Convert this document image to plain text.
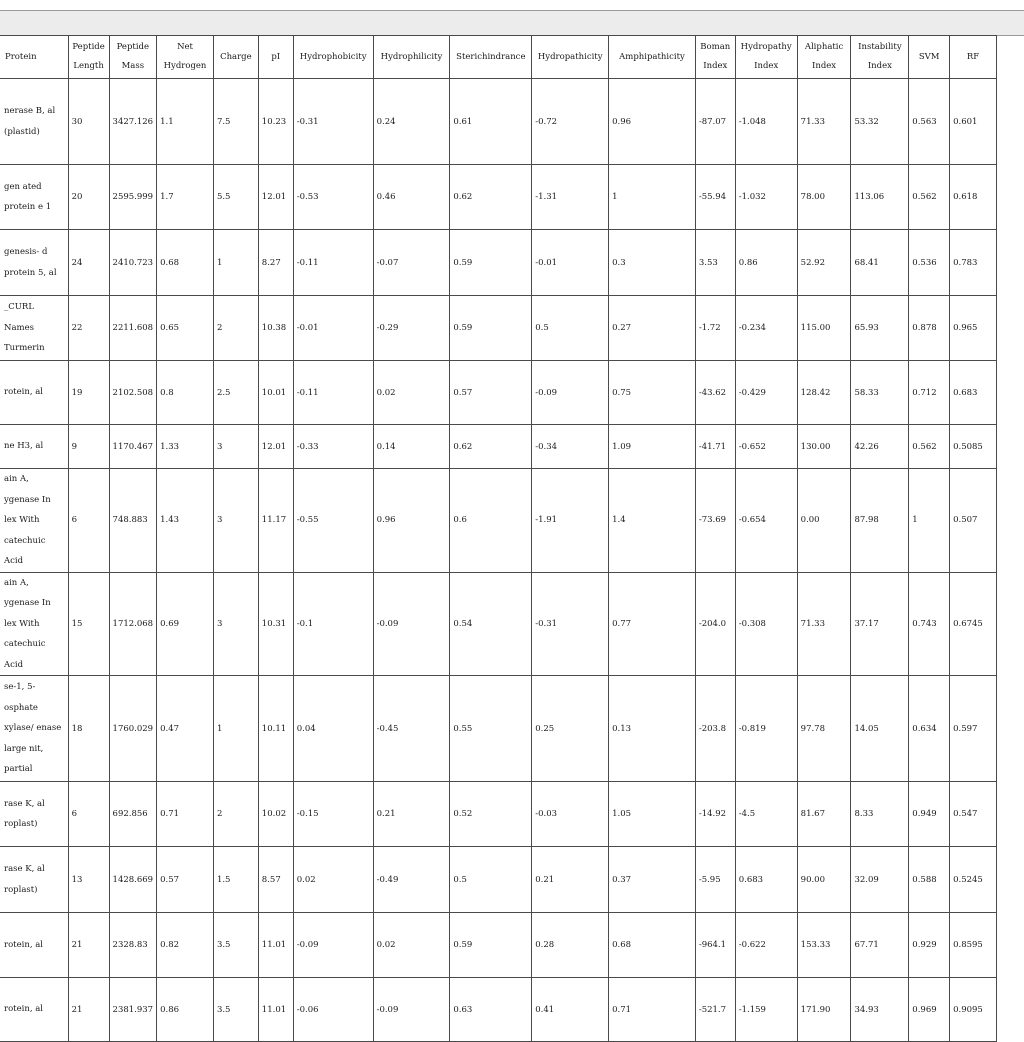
Protein	Peptide Length	Peptide Mass	Net Hydrogen	Charge	pI	Hydrophobicity	Hydrophilicity	Sterichindrance	Hydropathicity	Amphipathicity	Boman Index	Hydropathy Index	Aliphatic Index	Instability Index	SVM	RF
nerase B, al (plastid)	30	3427.126	1.1	7.5	10.23	-0.31	0.24	0.61	-0.72	0.96	-87.07	-1.048	71.33	53.32	0.563	0.601
gen ated protein e 1	20	2595.999	1.7	5.5	12.01	-0.53	0.46	0.62	-1.31	1	-55.94	-1.032	78.00	113.06	0.562	0.618
genesis- d protein 5, al	24	2410.723	0.68	1	8.27	-0.11	-0.07	0.59	-0.01	0.3	3.53	0.86	52.92	68.41	0.536	0.783
_CURL Names Turmerin	22	2211.608	0.65	2	10.38	-0.01	-0.29	0.59	0.5	0.27	-1.72	-0.234	115.00	65.93	0.878	0.965
rotein, al	19	2102.508	0.8	2.5	10.01	-0.11	0.02	0.57	-0.09	0.75	-43.62	-0.429	128.42	58.33	0.712	0.683
ne H3, al	9	1170.467	1.33	3	12.01	-0.33	0.14	0.62	-0.34	1.09	-41.71	-0.652	130.00	42.26	0.562	0.5085
ain A, ygenase In lex With catechuic Acid	6	748.883	1.43	3	11.17	-0.55	0.96	0.6	-1.91	1.4	-73.69	-0.654	0.00	87.98	1	0.507
ain A, ygenase In lex With catechuic Acid	15	1712.068	0.69	3	10.31	-0.1	-0.09	0.54	-0.31	0.77	-204.0	-0.308	71.33	37.17	0.743	0.6745
se-1, 5- osphate xylase/ enase large nit, partial	18	1760.029	0.47	1	10.11	0.04	-0.45	0.55	0.25	0.13	-203.8	-0.819	97.78	14.05	0.634	0.597
rase K, al roplast)	6	692.856	0.71	2	10.02	-0.15	0.21	0.52	-0.03	1.05	-14.92	-4.5	81.67	8.33	0.949	0.547
rase K, al roplast)	13	1428.669	0.57	1.5	8.57	0.02	-0.49	0.5	0.21	0.37	-5.95	0.683	90.00	32.09	0.588	0.5245
rotein, al	21	2328.83	0.82	3.5	11.01	-0.09	0.02	0.59	0.28	0.68	-964.1	-0.622	153.33	67.71	0.929	0.8595
rotein, al	21	2381.937	0.86	3.5	11.01	-0.06	-0.09	0.63	0.41	0.71	-521.7	-1.159	171.90	34.93	0.969	0.9095
